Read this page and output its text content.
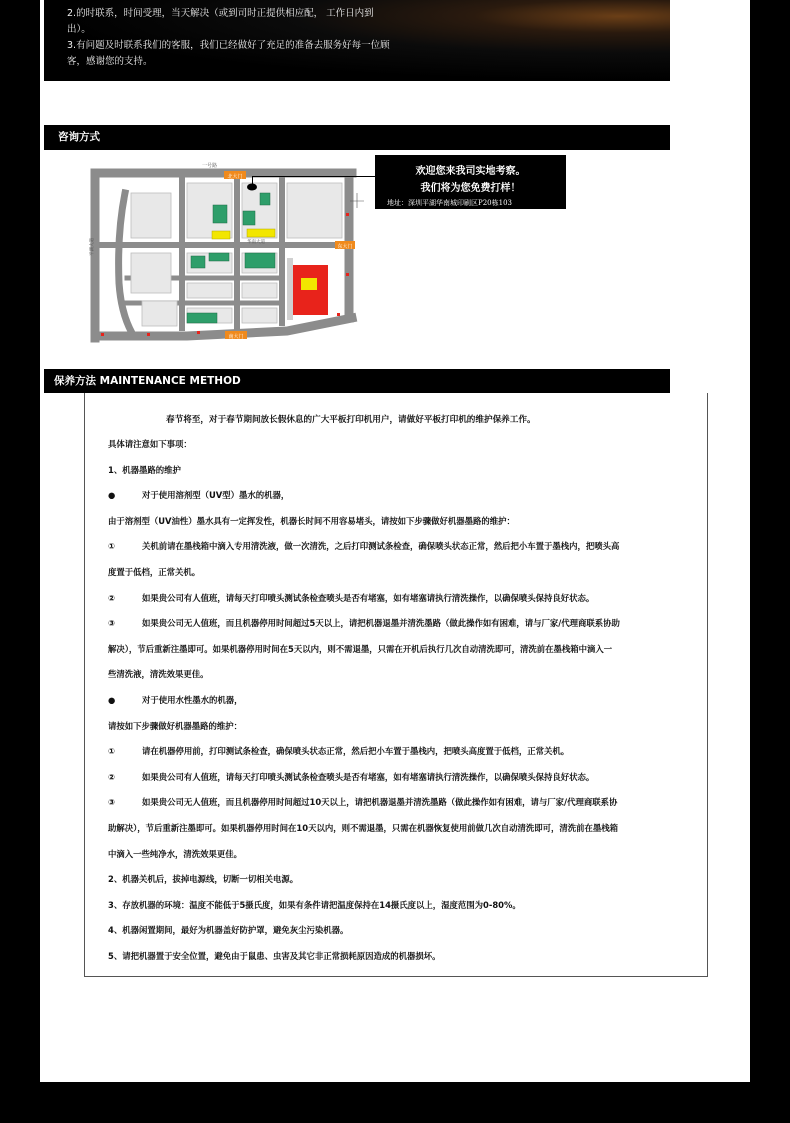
2.的时联系，时间受理，当天解决（或到司时正提供相应配， 工作日内到
出）。
3.有问题及时联系我们的客服，我们已经做好了充足的准备去服务好每一位顾
客，感谢您的支持。
咨询方式
北大门
东大门
南大门
一号路
华南大道
平湖大道
欢迎您来我司实地考察。
我们将为您免费打样！
地址：深圳平湖华南城印刷区P20栋103
保养方法 MAINTENANCE METHOD
春节将至，对于春节期间放长假休息的广大平板打印机用户，请做好平板打印机的维护保养工作。
具体请注意如下事项：
1、机器墨路的维护
●	对于使用溶剂型（UV型）墨水的机器，
由于溶剂型（UV油性）墨水具有一定挥发性，机器长时间不用容易堵头，请按如下步骤做好机器墨路的维护：
①	关机前请在墨栈箱中滴入专用清洗液，做一次清洗，之后打印测试条检查，确保喷头状态正常，然后把小车置于墨栈内，把喷头高
度置于低档，正常关机。
②	如果贵公司有人值班，请每天打印喷头测试条检查喷头是否有堵塞，如有堵塞请执行清洗操作，以确保喷头保持良好状态。
③	如果贵公司无人值班，而且机器停用时间超过5天以上，请把机器退墨并清洗墨路（做此操作如有困难，请与厂家/代理商联系协助
解决），节后重新注墨即可。如果机器停用时间在5天以内，则不需退墨，只需在开机后执行几次自动清洗即可，清洗前在墨栈箱中滴入一
些清洗液，清洗效果更佳。
●	对于使用水性墨水的机器，
请按如下步骤做好机器墨路的维护：
①	请在机器停用前，打印测试条检查，确保喷头状态正常，然后把小车置于墨栈内，把喷头高度置于低档，正常关机。
②	如果贵公司有人值班，请每天打印喷头测试条检查喷头是否有堵塞，如有堵塞请执行清洗操作，以确保喷头保持良好状态。
③	如果贵公司无人值班，而且机器停用时间超过10天以上，请把机器退墨并清洗墨路（做此操作如有困难，请与厂家/代理商联系协
助解决），节后重新注墨即可。如果机器停用时间在10天以内，则不需退墨，只需在机器恢复使用前做几次自动清洗即可，清洗前在墨栈箱
中滴入一些纯净水，清洗效果更佳。
2、机器关机后，拔掉电源线，切断一切相关电源。
3、存放机器的环境：温度不能低于5摄氏度，如果有条件请把温度保持在14摄氏度以上，湿度范围为0-80%。
4、机器闲置期间，最好为机器盖好防护罩，避免灰尘污染机器。
5、请把机器置于安全位置，避免由于鼠患、虫害及其它非正常损耗原因造成的机器损坏。
